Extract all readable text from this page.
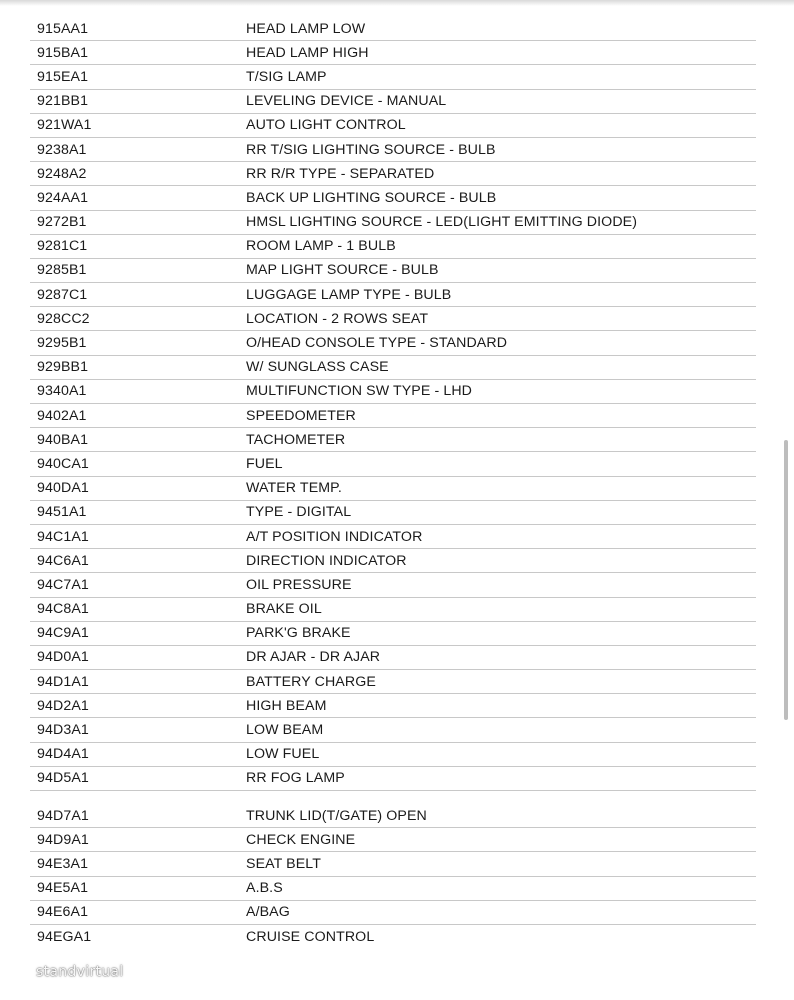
915AA1	HEAD LAMP LOW
915BA1	HEAD LAMP HIGH
915EA1	T/SIG LAMP
921BB1	LEVELING DEVICE - MANUAL
921WA1	AUTO LIGHT CONTROL
9238A1	RR T/SIG LIGHTING SOURCE - BULB
9248A2	RR R/R TYPE - SEPARATED
924AA1	BACK UP LIGHTING SOURCE - BULB
9272B1	HMSL LIGHTING SOURCE - LED(LIGHT EMITTING DIODE)
9281C1	ROOM LAMP - 1 BULB
9285B1	MAP LIGHT SOURCE - BULB
9287C1	LUGGAGE LAMP TYPE - BULB
928CC2	LOCATION - 2 ROWS SEAT
9295B1	O/HEAD CONSOLE TYPE - STANDARD
929BB1	W/ SUNGLASS CASE
9340A1	MULTIFUNCTION SW TYPE - LHD
9402A1	SPEEDOMETER
940BA1	TACHOMETER
940CA1	FUEL
940DA1	WATER TEMP.
9451A1	TYPE - DIGITAL
94C1A1	A/T POSITION INDICATOR
94C6A1	DIRECTION INDICATOR
94C7A1	OIL PRESSURE
94C8A1	BRAKE OIL
94C9A1	PARK'G BRAKE
94D0A1	DR AJAR - DR AJAR
94D1A1	BATTERY CHARGE
94D2A1	HIGH BEAM
94D3A1	LOW BEAM
94D4A1	LOW FUEL
94D5A1	RR FOG LAMP
94D7A1	TRUNK LID(T/GATE) OPEN
94D9A1	CHECK ENGINE
94E3A1	SEAT BELT
94E5A1	A.B.S
94E6A1	A/BAG
94EGA1	CRUISE CONTROL
standvirtual
